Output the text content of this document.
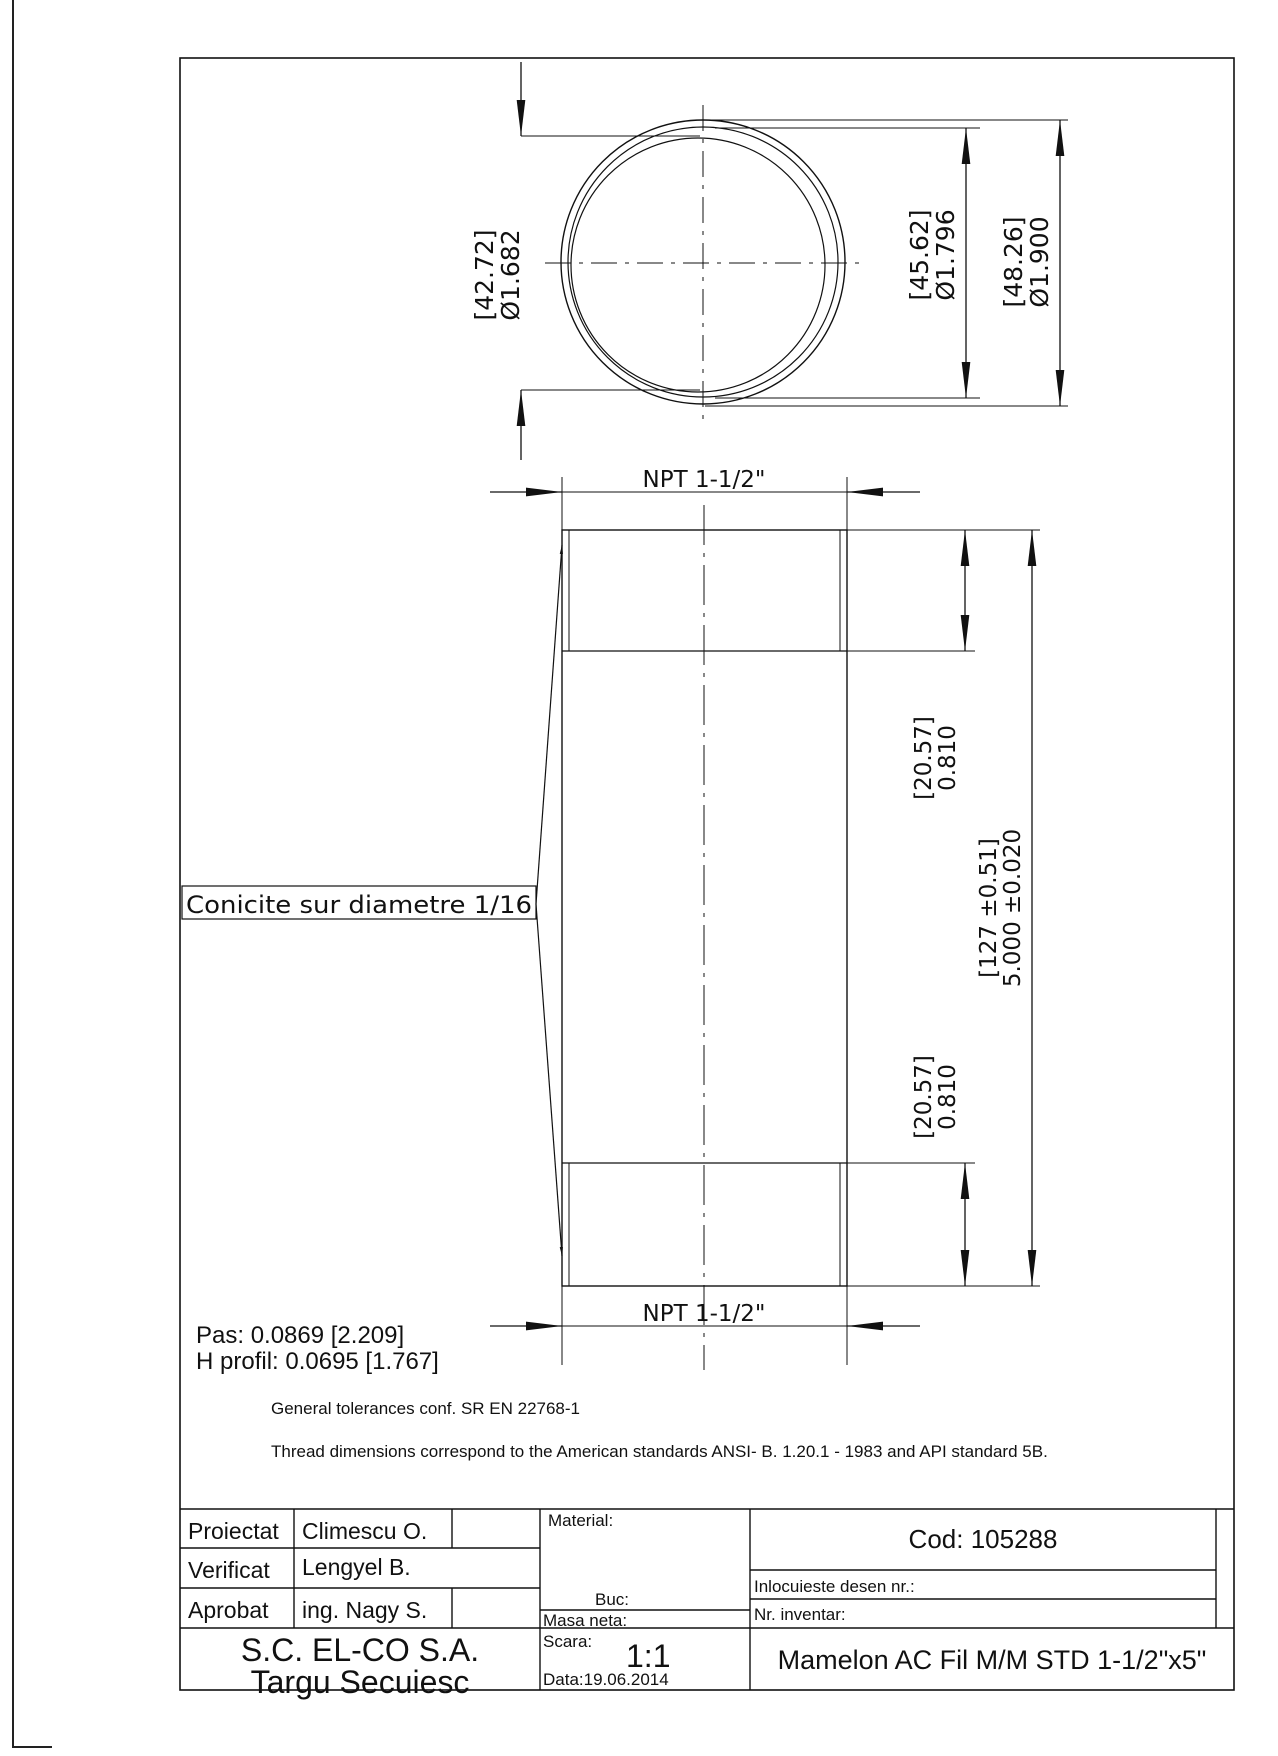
[42.72]
Ø1.682	[45.62]
Ø1.796 [48.26]
Ø1.900
NPT 1-1/2"
NPT 1-1/2"
[20.57]
0.810
[20.57]
0.810
[127 ±0.51]
5.000 ±0.020
Conicite sur diametre 1/16
Pas: 0.0869 [2.209]
H profil: 0.0695 [1.767]
General tolerances conf. SR EN 22768-1
Thread dimensions correspond to the American standards ANSI- B. 1.20.1 - 1983 and API standard 5B.
Proiectat Climescu O.
Verificat Lengyel B.
Aprobat ing. Nagy S.
S.C. EL-CO S.A.
Targu Secuiesc
Material:
Buc:
Masa neta:
Scara: 1:1
Data:19.06.2014
Cod: 105288
Inlocuieste desen nr.:
Nr. inventar:
Mamelon AC Fil M/M STD 1-1/2"x5"
